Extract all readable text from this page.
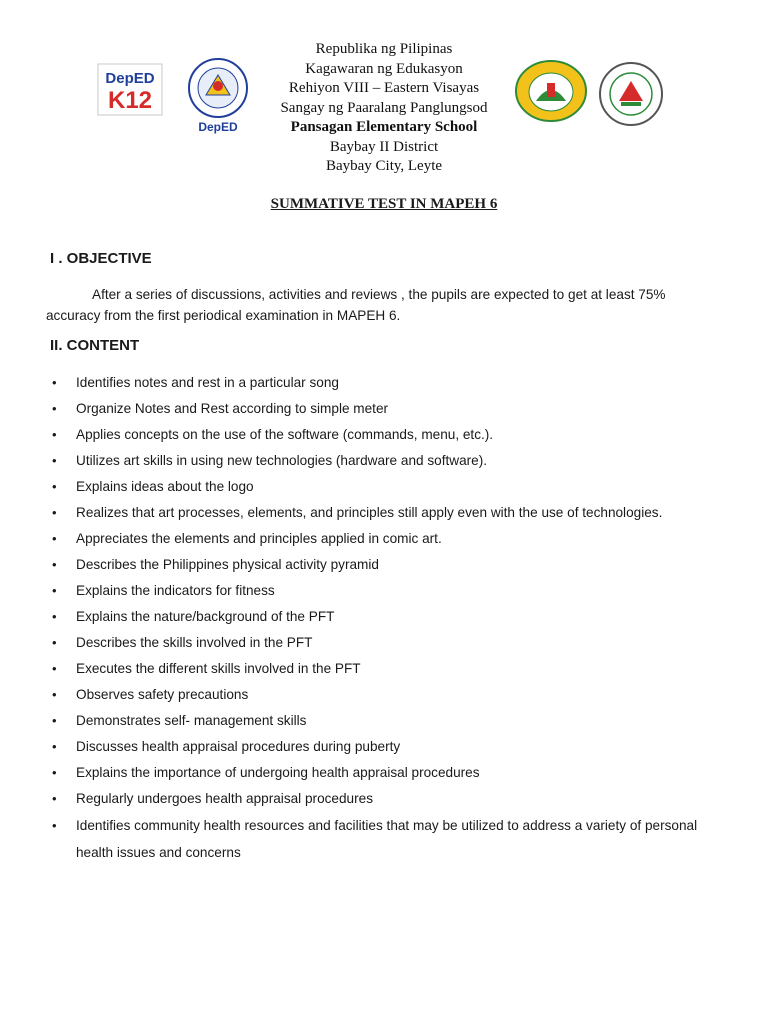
DepED
K12
DepED
Republika ng Pilipinas
Kagawaran ng Edukasyon
Rehiyon VIII – Eastern Visayas
Sangay ng Paaralang Panglungsod
Pansagan Elementary School
Baybay II District
Baybay City, Leyte
SUMMATIVE TEST IN MAPEH 6
I . OBJECTIVE
After a series of discussions, activities and reviews , the pupils are expected to get at least 75% accuracy from the first periodical examination in MAPEH 6.
II. CONTENT
• Identifies notes and rest in a particular song
• Organize Notes and Rest according to simple meter
• Applies concepts on the use of the software (commands, menu, etc.).
• Utilizes art skills in using new technologies (hardware and software).
• Explains ideas about the logo
• Realizes that art processes, elements, and principles still apply even with the use of technologies.
• Appreciates the elements and principles applied in comic art.
• Describes the Philippines physical activity pyramid
• Explains the indicators for fitness
• Explains the nature/background of the PFT
• Describes the skills involved in the PFT
• Executes the different skills involved in the PFT
• Observes safety precautions
• Demonstrates self- management skills
• Discusses health appraisal procedures during puberty
• Explains the importance of undergoing health appraisal procedures
• Regularly undergoes health appraisal procedures
• Identifies community health resources and facilities that may be utilized to address a variety of personal health issues and concerns
